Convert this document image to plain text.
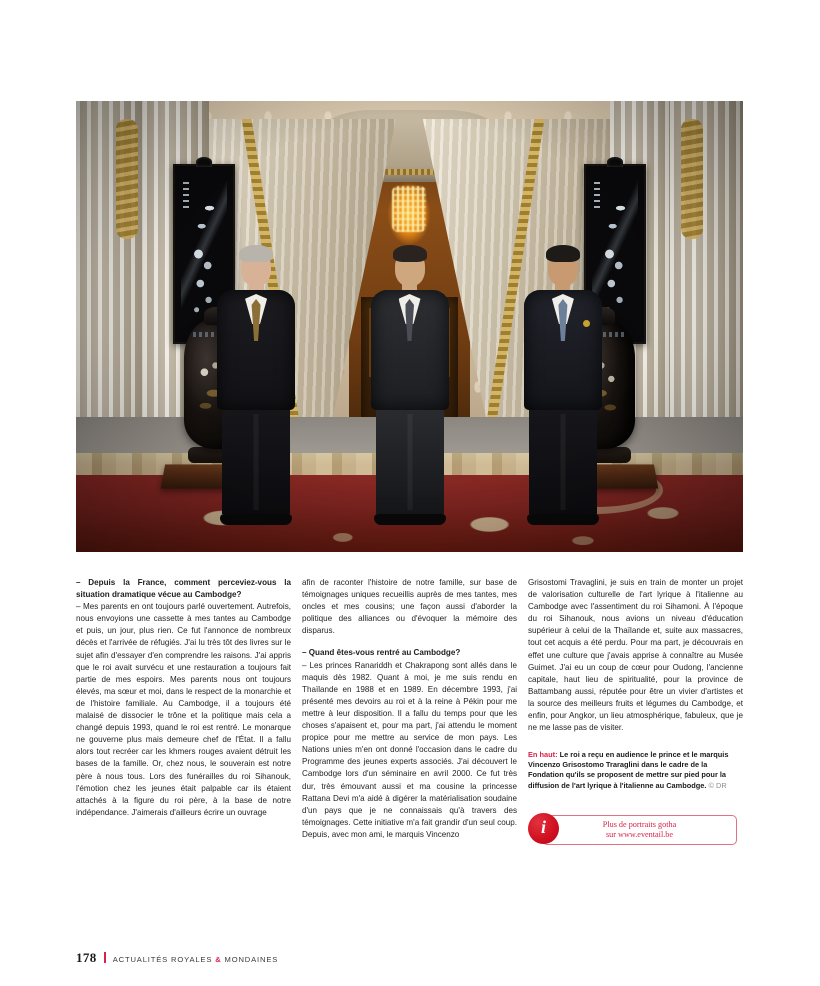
– Depuis la France, comment perceviez-vous la situation dramatique vécue au Cambodge?

– Mes parents en ont toujours parlé ouvertement. Autrefois, nous envoyions une cassette à mes tantes au Cambodge et puis, un jour, plus rien. Ce fut l'annonce de nombreux décès et l'arrivée de réfugiés. J'ai lu très tôt des livres sur le sujet afin d'essayer d'en comprendre les raisons. J'ai appris que le roi avait survécu et une restauration a toujours fait partie de mes espoirs. Mes parents nous ont toujours élevés, ma sœur et moi, dans le respect de la monarchie et de l'histoire familiale. Au Cambodge, il a toujours été malaisé de dissocier le trône et la politique mais cela a changé depuis 1993, quand le roi est rentré. Le monarque ne gouverne plus mais demeure chef de l'État. Il a fallu alors tout recréer car les khmers rouges avaient détruit les bases de la famille. Or, chez nous, le souverain est notre père à nous tous. Lors des funérailles du roi Sihanouk, l'émotion chez les jeunes était palpable car ils étaient attachés à la figure du roi père, à la base de notre indépendance. J'aimerais d'ailleurs écrire un ouvrage

afin de raconter l'histoire de notre famille, sur base de témoignages uniques recueillis auprès de mes tantes, mes oncles et mes cousins; une façon aussi d'aborder la politique des alliances ou d'évoquer la mémoire des disparus.

– Quand êtes-vous rentré au Cambodge?

– Les princes Ranariddh et Chakrapong sont allés dans le maquis dès 1982. Quant à moi, je me suis rendu en Thaïlande en 1988 et en 1989. En décembre 1993, j'ai présenté mes devoirs au roi et à la reine à Pékin pour me mettre à leur disposition. Il a fallu du temps pour que les choses s'apaisent et, pour ma part, j'ai attendu le moment propice pour me mettre au service de mon pays. Les Nations unies m'en ont donné l'occasion dans le cadre du Programme des jeunes experts associés. J'ai découvert le Cambodge lors d'un séminaire en avril 2000. Ce fut très dur, très émouvant aussi et ma cousine la princesse Rattana Devi m'a aidé à digérer la matérialisation soudaine d'un pays que je ne connaissais qu'à travers des témoignages. Cette initiative m'a fait grandir d'un seul coup. Depuis, avec mon ami, le marquis Vincenzo

Grisostomi Travaglini, je suis en train de monter un projet de valorisation culturelle de l'art lyrique à l'italienne au Cambodge avec l'assentiment du roi Sihamoni. À l'époque du roi Sihanouk, nous avions un niveau d'éducation supérieur à celui de la Thaïlande et, suite aux massacres, tout cet acquis a été perdu. Pour ma part, je découvrais en effet une culture que j'avais apprise à connaître au Musée Guimet. J'ai eu un coup de cœur pour Oudong, l'ancienne capitale, haut lieu de spiritualité, pour la province de Battambang aussi, réputée pour être un vivier d'artistes et la source des meilleurs fruits et légumes du Cambodge, et enfin, pour Angkor, un lieu atmosphérique, fabuleux, que je ne me lasse pas de visiter.

En haut: Le roi a reçu en audience le prince et le marquis Vincenzo Grisostomo Traraglini dans le cadre de la Fondation qu'ils se proposent de mettre sur pied pour la diffusion de l'art lyrique à l'italienne au Cambodge. © DR
Plus de portraits gotha
sur www.eventail.be
i
178 ACTUALITÉS ROYALES & MONDAINES
